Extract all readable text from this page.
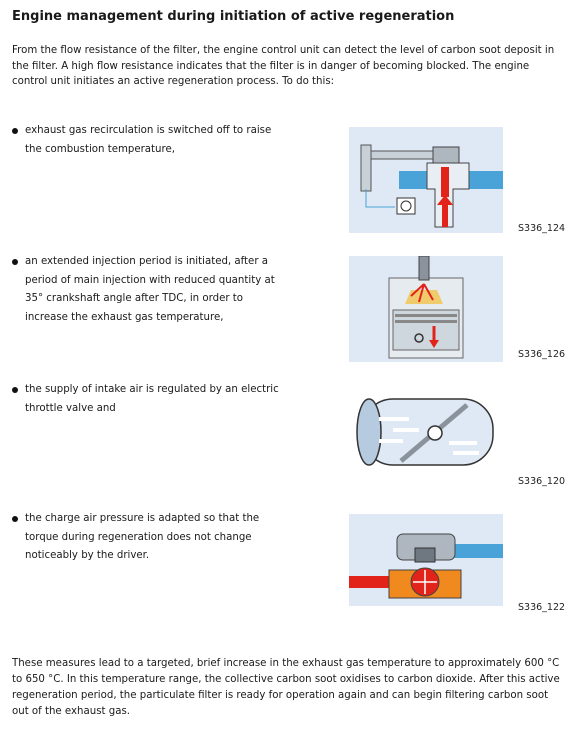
Engine management during initiation of active regeneration
From the flow resistance of the filter, the engine control unit can detect the level of carbon soot deposit in the filter. A high flow resistance indicates that the filter is in danger of becoming blocked. The engine control unit initiates an active regeneration process. To do this:
exhaust gas recirculation is switched off to raise the combustion temperature,
S336_124
an extended injection period is initiated, after a period of main injection with reduced quantity at 35° crankshaft angle after TDC, in order to increase the exhaust gas temperature,
S336_126
the supply of intake air is regulated by an electric throttle valve and
S336_120
the charge air pressure is adapted so that the torque during regeneration does not change noticeably by the driver.
S336_122
These measures lead to a targeted, brief increase in the exhaust gas temperature to approximately 600 °C to 650 °C. In this temperature range, the collective carbon soot oxidises to carbon dioxide. After this active regeneration period, the particulate filter is ready for operation again and can begin filtering carbon soot out of the exhaust gas.
